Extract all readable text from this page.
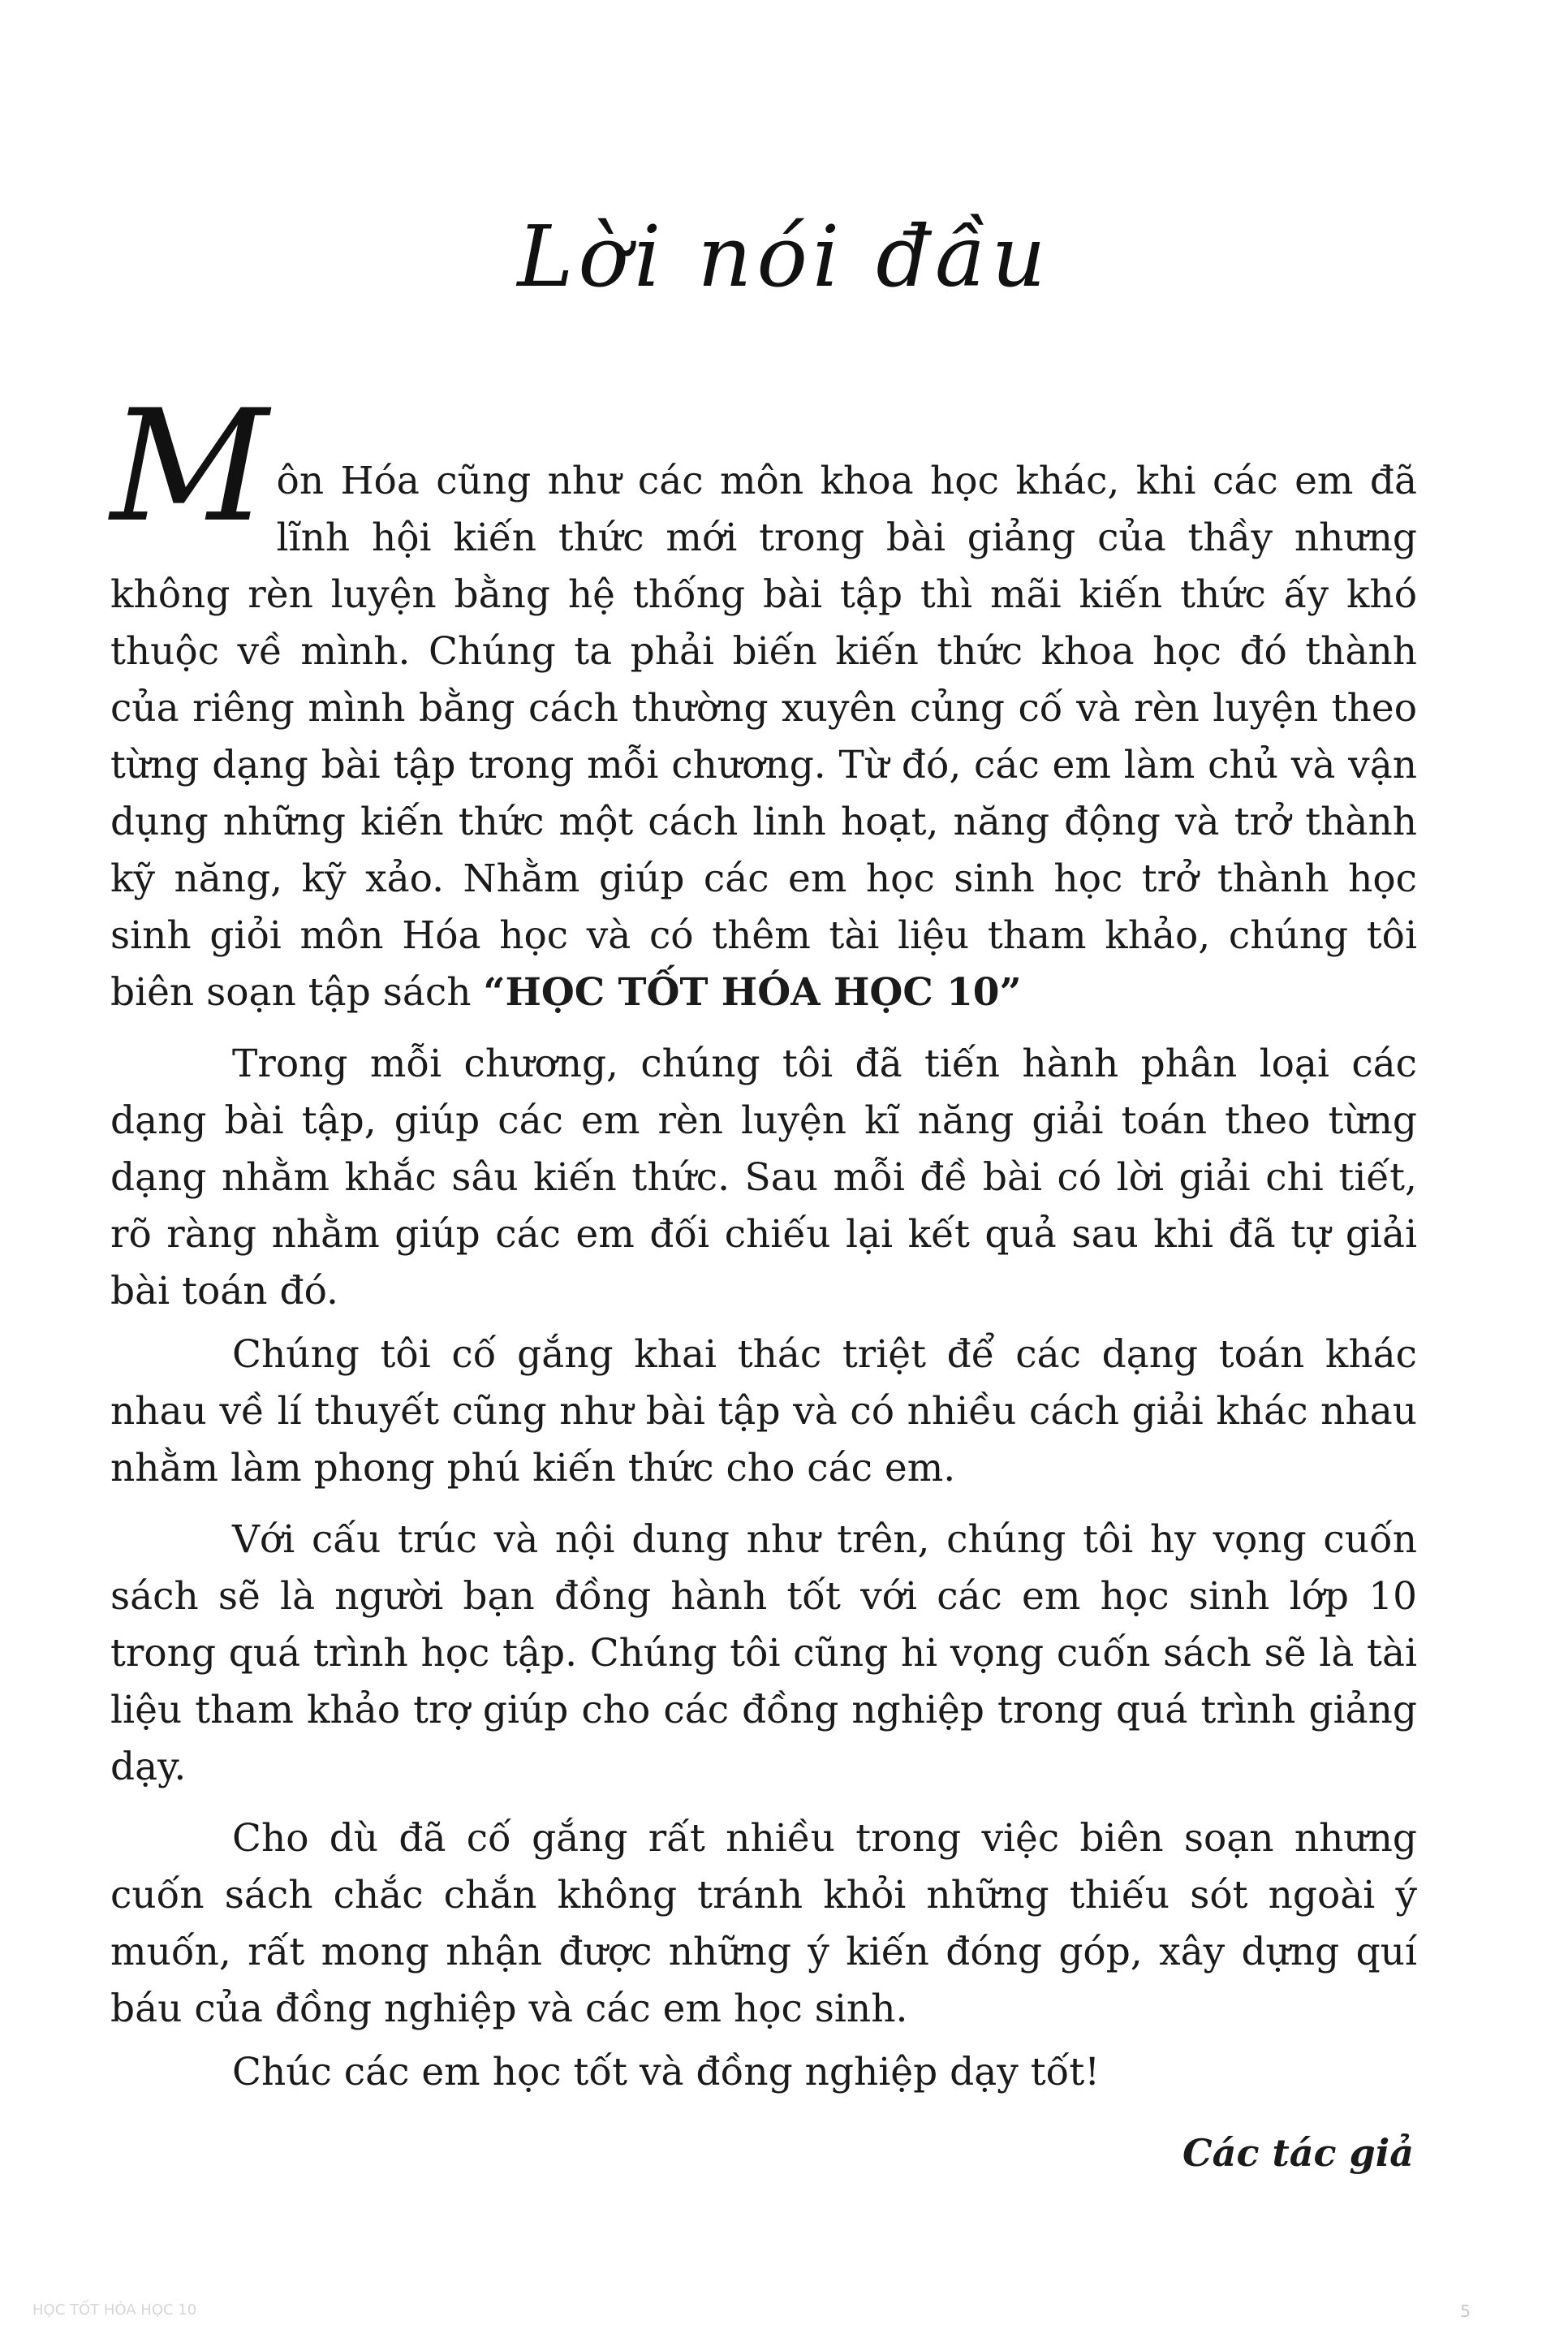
Lời nói đầu

M ôn Hóa cũng như các môn khoa học khác, khi các em đã lĩnh hội kiến thức mới trong bài giảng của thầy nhưng không rèn luyện bằng hệ thống bài tập thì mãi kiến thức ấy khó thuộc về mình. Chúng ta phải biến kiến thức khoa học đó thành của riêng mình bằng cách thường xuyên củng cố và rèn luyện theo từng dạng bài tập trong mỗi chương. Từ đó, các em làm chủ và vận dụng những kiến thức một cách linh hoạt, năng động và trở thành kỹ năng, kỹ xảo. Nhằm giúp các em học sinh học trở thành học sinh giỏi môn Hóa học và có thêm tài liệu tham khảo, chúng tôi biên soạn tập sách “HỌC TỐT HÓA HỌC 10”

Trong mỗi chương, chúng tôi đã tiến hành phân loại các dạng bài tập, giúp các em rèn luyện kĩ năng giải toán theo từng dạng nhằm khắc sâu kiến thức. Sau mỗi đề bài có lời giải chi tiết, rõ ràng nhằm giúp các em đối chiếu lại kết quả sau khi đã tự giải bài toán đó.

Chúng tôi cố gắng khai thác triệt để các dạng toán khác nhau về lí thuyết cũng như bài tập và có nhiều cách giải khác nhau nhằm làm phong phú kiến thức cho các em.

Với cấu trúc và nội dung như trên, chúng tôi hy vọng cuốn sách sẽ là người bạn đồng hành tốt với các em học sinh lớp 10 trong quá trình học tập. Chúng tôi cũng hi vọng cuốn sách sẽ là tài liệu tham khảo trợ giúp cho các đồng nghiệp trong quá trình giảng dạy.

Cho dù đã cố gắng rất nhiều trong việc biên soạn nhưng cuốn sách chắc chắn không tránh khỏi những thiếu sót ngoài ý muốn, rất mong nhận được những ý kiến đóng góp, xây dựng quí báu của đồng nghiệp và các em học sinh.

Chúc các em học tốt và đồng nghiệp dạy tốt!

Các tác giả
HỌC TỐT HÓA HỌC 10	5
